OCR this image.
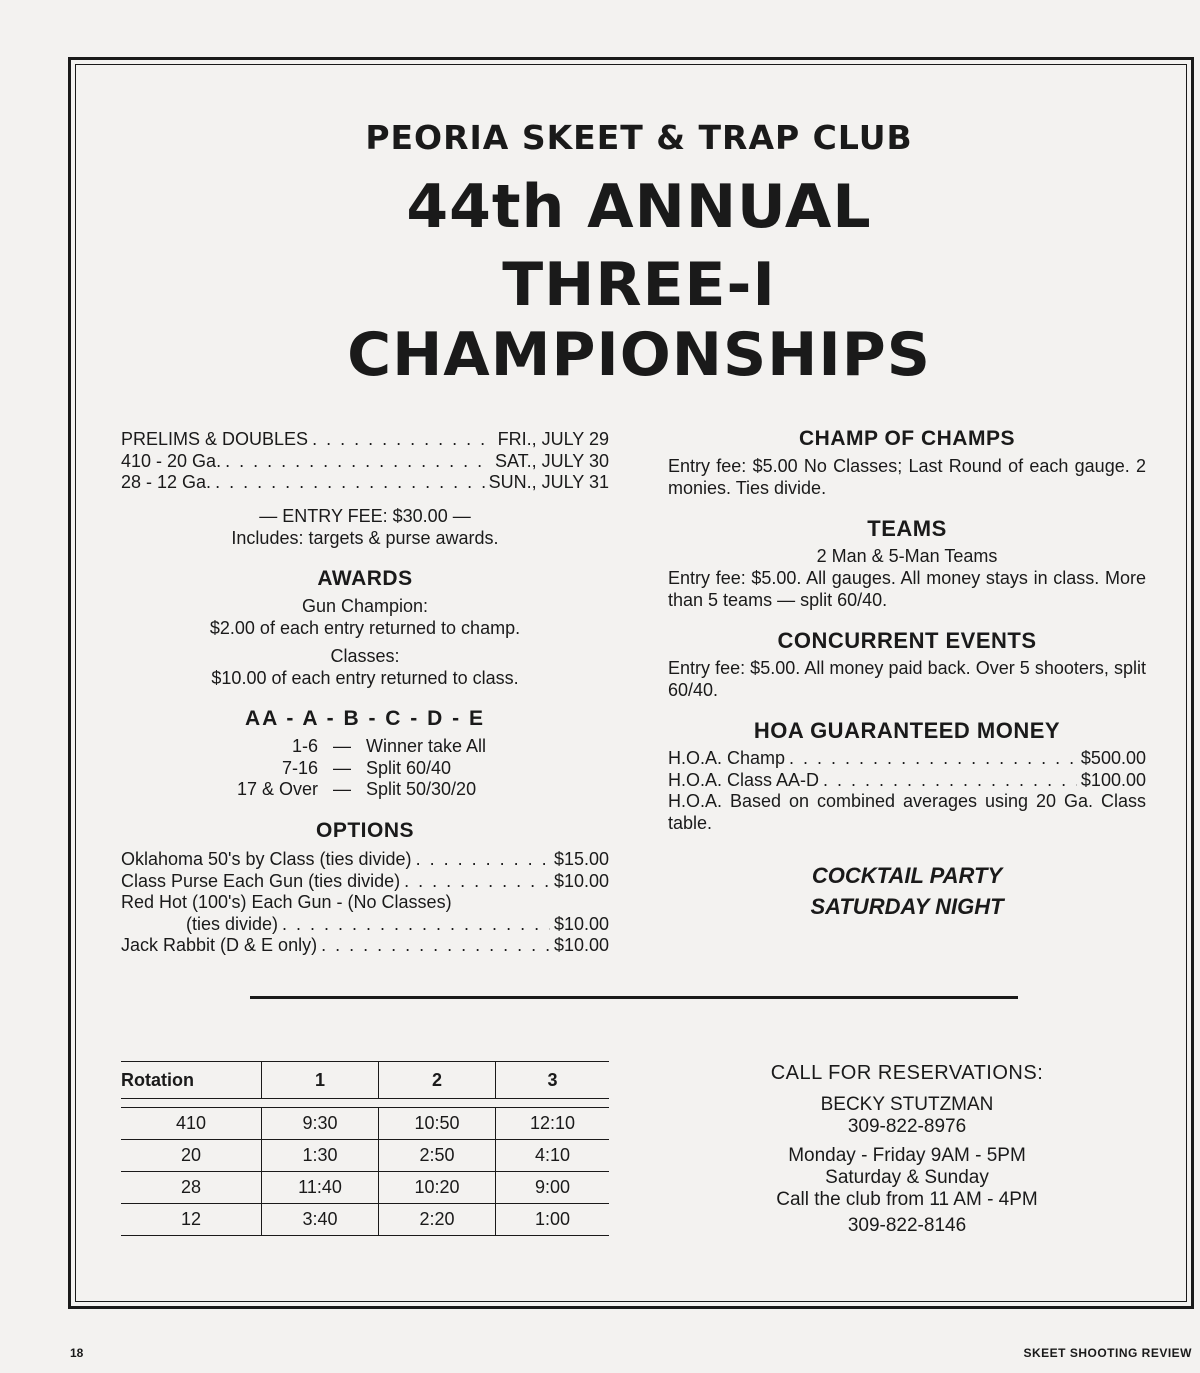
PEORIA SKEET & TRAP CLUB
44th ANNUAL
THREE-I
CHAMPIONSHIPS
PRELIMS & DOUBLES . . .	FRI., JULY 29
410 - 20 Ga. . . .	SAT., JULY 30
28 - 12 Ga. . . .	SUN., JULY 31
— ENTRY FEE: $30.00 —
Includes: targets & purse awards.
AWARDS
Gun Champion:
$2.00 of each entry returned to champ.
Classes:
$10.00 of each entry returned to class.
AA - A - B - C - D - E
1-6 — Winner take All
7-16 — Split 60/40
17 & Over — Split 50/30/20
OPTIONS
Oklahoma 50's by Class (ties divide) . . .	$15.00
Class Purse Each Gun (ties divide) . . .	$10.00
Red Hot (100's) Each Gun - (No Classes)
(ties divide) . . .	$10.00
Jack Rabbit (D & E only) . . .	$10.00
CHAMP OF CHAMPS
Entry fee: $5.00 No Classes; Last Round of each gauge. 2 monies. Ties divide.
TEAMS
2 Man & 5-Man Teams
Entry fee: $5.00. All gauges. All money stays in class. More than 5 teams — split 60/40.
CONCURRENT EVENTS
Entry fee: $5.00. All money paid back. Over 5 shooters, split 60/40.
HOA GUARANTEED MONEY
H.O.A. Champ . . .	$500.00
H.O.A. Class AA-D . . .	$100.00
H.O.A. Based on combined averages using 20 Ga. Class table.
COCKTAIL PARTY
SATURDAY NIGHT
Rotation	1	2	3

410	9:30	10:50	12:10
20	1:30	2:50	4:10
28	11:40	10:20	9:00
12	3:40	2:20	1:00
CALL FOR RESERVATIONS:
BECKY STUTZMAN
309-822-8976
Monday - Friday 9AM - 5PM
Saturday & Sunday
Call the club from 11 AM - 4PM
309-822-8146
18	SKEET SHOOTING REVIEW
